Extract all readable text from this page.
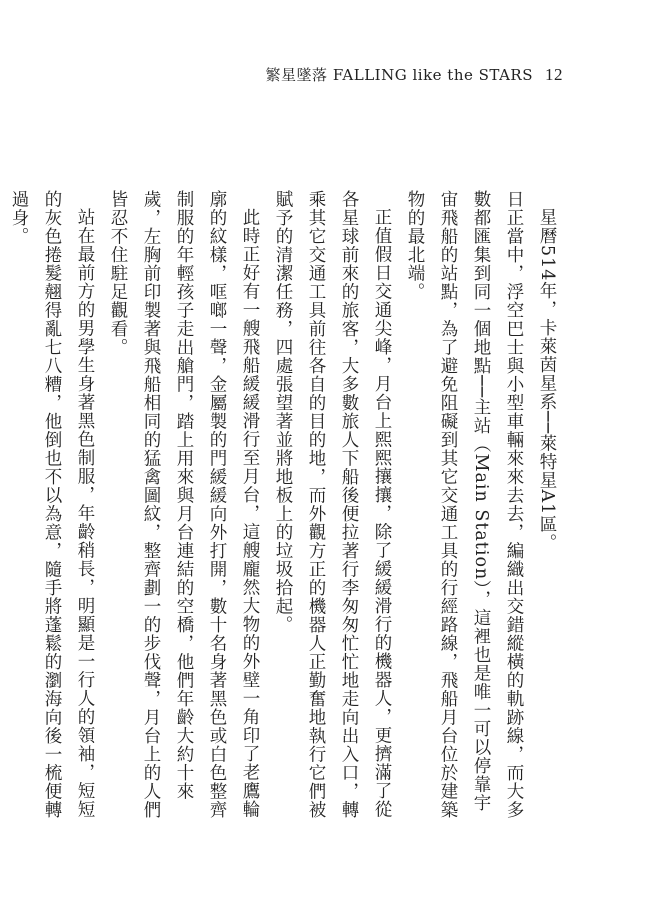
繁星墜落 FALLING like the STARS 12

星曆514年，卡萊茵星系──萊特星A1區。

日正當中，浮空巴士與小型車輛來來去去，編織出交錯縱橫的軌跡線，而大多數都匯集到同一個地點──主站（Main Station），這裡也是唯一可以停靠宇宙飛船的站點，為了避免阻礙到其它交通工具的行經路線，飛船月台位於建築物的最北端。

正值假日交通尖峰，月台上熙熙攘攘，除了緩緩滑行的機器人，更擠滿了從各星球前來的旅客，大多數旅人下船後便拉著行李匆匆忙忙地走向出入口，轉乘其它交通工具前往各自的目的地，而外觀方正的機器人正勤奮地執行它們被賦予的清潔任務，四處張望著並將地板上的垃圾拾起。

此時正好有一艘飛船緩緩滑行至月台，這艘龐然大物的外壁一角印了老鷹輪廓的紋樣，哐啷一聲，金屬製的門緩緩向外打開，數十名身著黑色或白色整齊制服的年輕孩子走出艙門，踏上用來與月台連結的空橋，他們年齡大約十來歲，左胸前印製著與飛船相同的猛禽圖紋，整齊劃一的步伐聲，月台上的人們皆忍不住駐足觀看。

站在最前方的男學生身著黑色制服，年齡稍長，明顯是一行人的領袖，短短的灰色捲髮翹得亂七八糟，他倒也不以為意，隨手將蓬鬆的瀏海向後一梳便轉過身。
